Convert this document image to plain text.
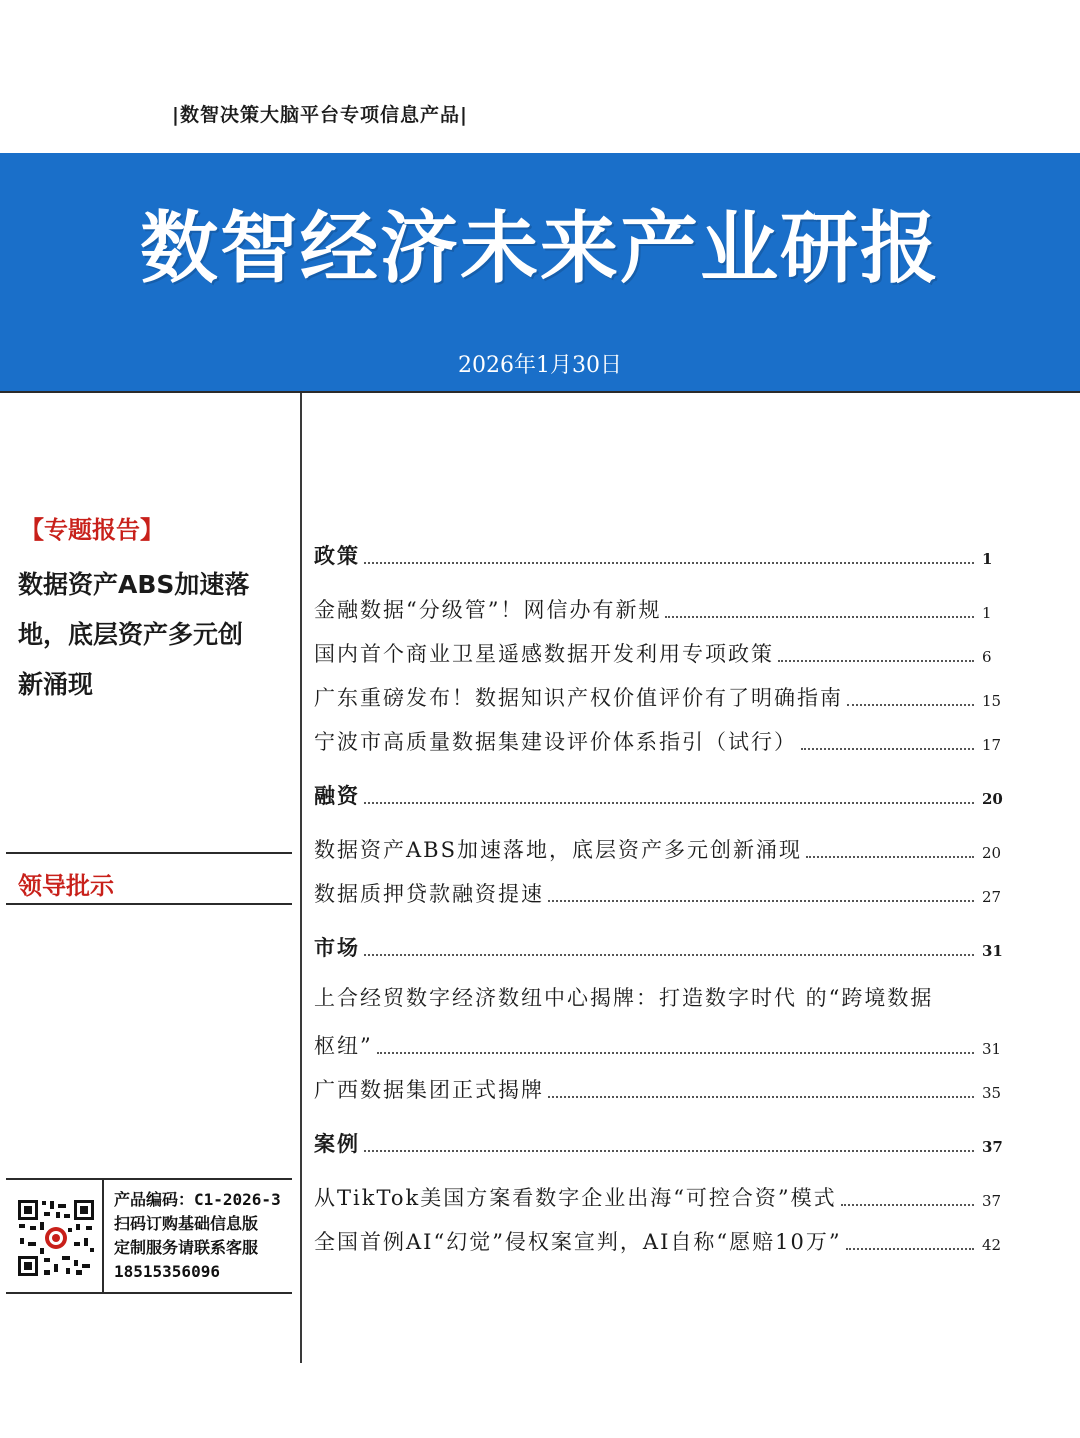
|数智决策大脑平台专项信息产品|
数智经济未来产业研报
2026年1月30日
【专题报告】
数据资产ABS加速落
地，底层资产多元创
新涌现
领导批示
产品编码：C1-2026-3
扫码订购基础信息版
定制服务请联系客服
18515356096
政策	1
金融数据“分级管”！网信办有新规	1
国内首个商业卫星遥感数据开发利用专项政策	6
广东重磅发布！数据知识产权价值评价有了明确指南	15
宁波市高质量数据集建设评价体系指引（试行）	17
融资	20
数据资产ABS加速落地，底层资产多元创新涌现	20
数据质押贷款融资提速	27
市场	31
上合经贸数字经济数纽中心揭牌：打造数字时代 的“跨境数据
枢纽”	31
广西数据集团正式揭牌	35
案例	37
从TikTok美国方案看数字企业出海“可控合资”模式	37
全国首例AI“幻觉”侵权案宣判，AI自称“愿赔10万”	42
